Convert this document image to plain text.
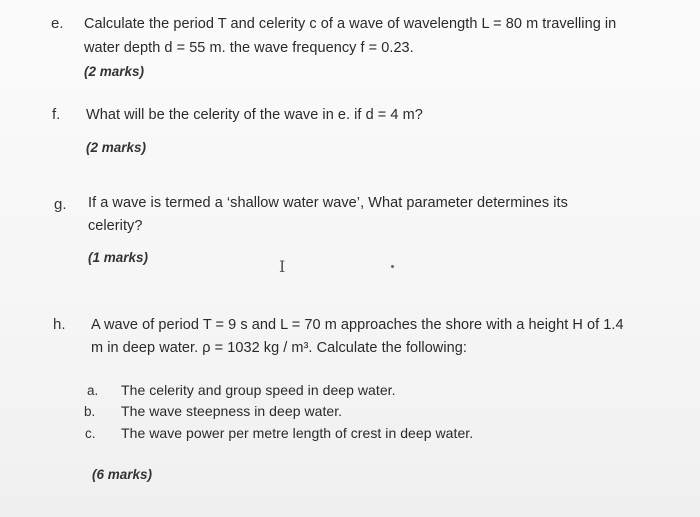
e. Calculate the period T and celerity c of a wave of wavelength L = 80 m travelling in
water depth d = 55 m. the wave frequency f = 0.23.
(2 marks)
f. What will be the celerity of the wave in e. if d = 4 m?
(2 marks)
g. If a wave is termed a ‘shallow water wave’, What parameter determines its
celerity?
(1 marks)	I
h. A wave of period T = 9 s and L = 70 m approaches the shore with a height H of 1.4
m in deep water. ρ = 1032 kg / m³. Calculate the following:
a. The celerity and group speed in deep water.
b. The wave steepness in deep water.
c. The wave power per metre length of crest in deep water.
(6 marks)
